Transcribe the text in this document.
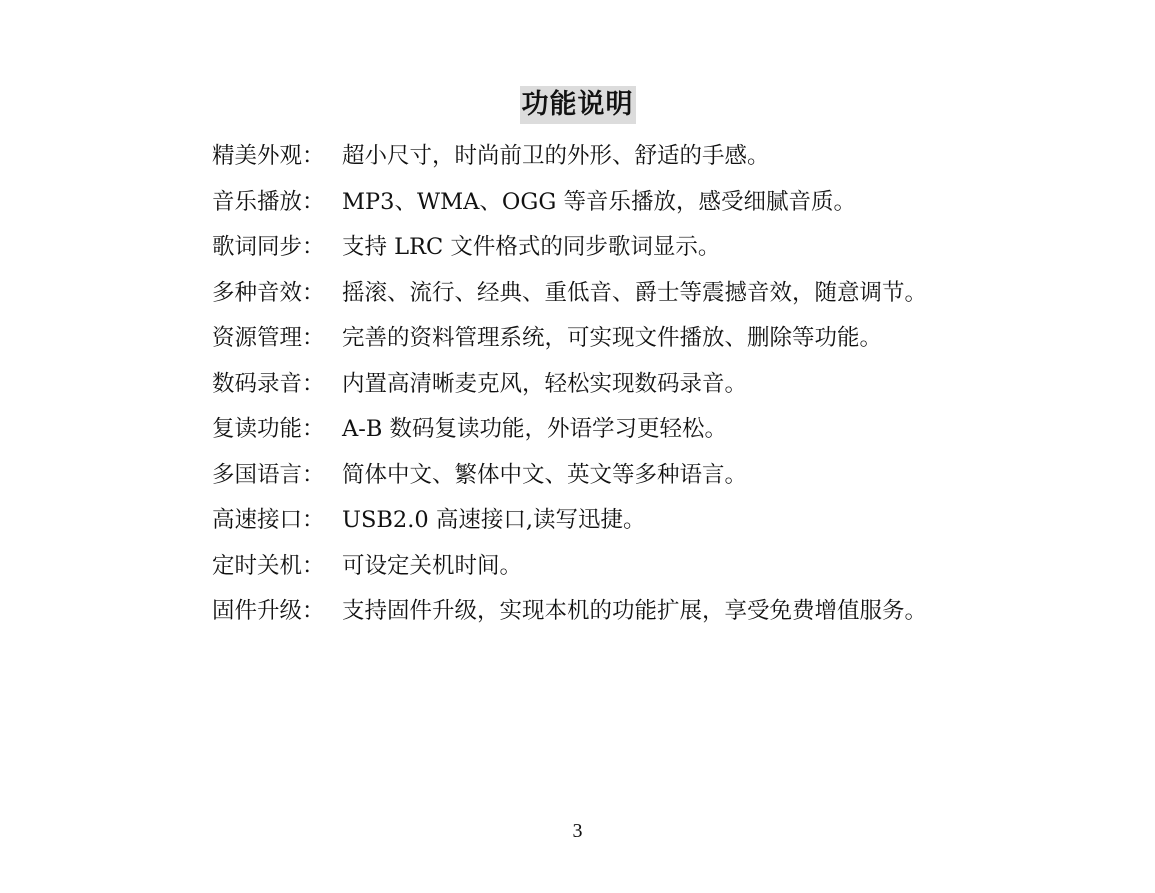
功能说明
精美外观： 超小尺寸，时尚前卫的外形、舒适的手感。
音乐播放： MP3、WMA、OGG 等音乐播放，感受细腻音质。
歌词同步： 支持 LRC 文件格式的同步歌词显示。
多种音效： 摇滚、流行、经典、重低音、爵士等震撼音效，随意调节。
资源管理： 完善的资料管理系统，可实现文件播放、删除等功能。
数码录音： 内置高清晰麦克风，轻松实现数码录音。
复读功能： A-B 数码复读功能，外语学习更轻松。
多国语言： 简体中文、繁体中文、英文等多种语言。
高速接口： USB2.0 高速接口,读写迅捷。
定时关机： 可设定关机时间。
固件升级： 支持固件升级，实现本机的功能扩展，享受免费增值服务。
3
